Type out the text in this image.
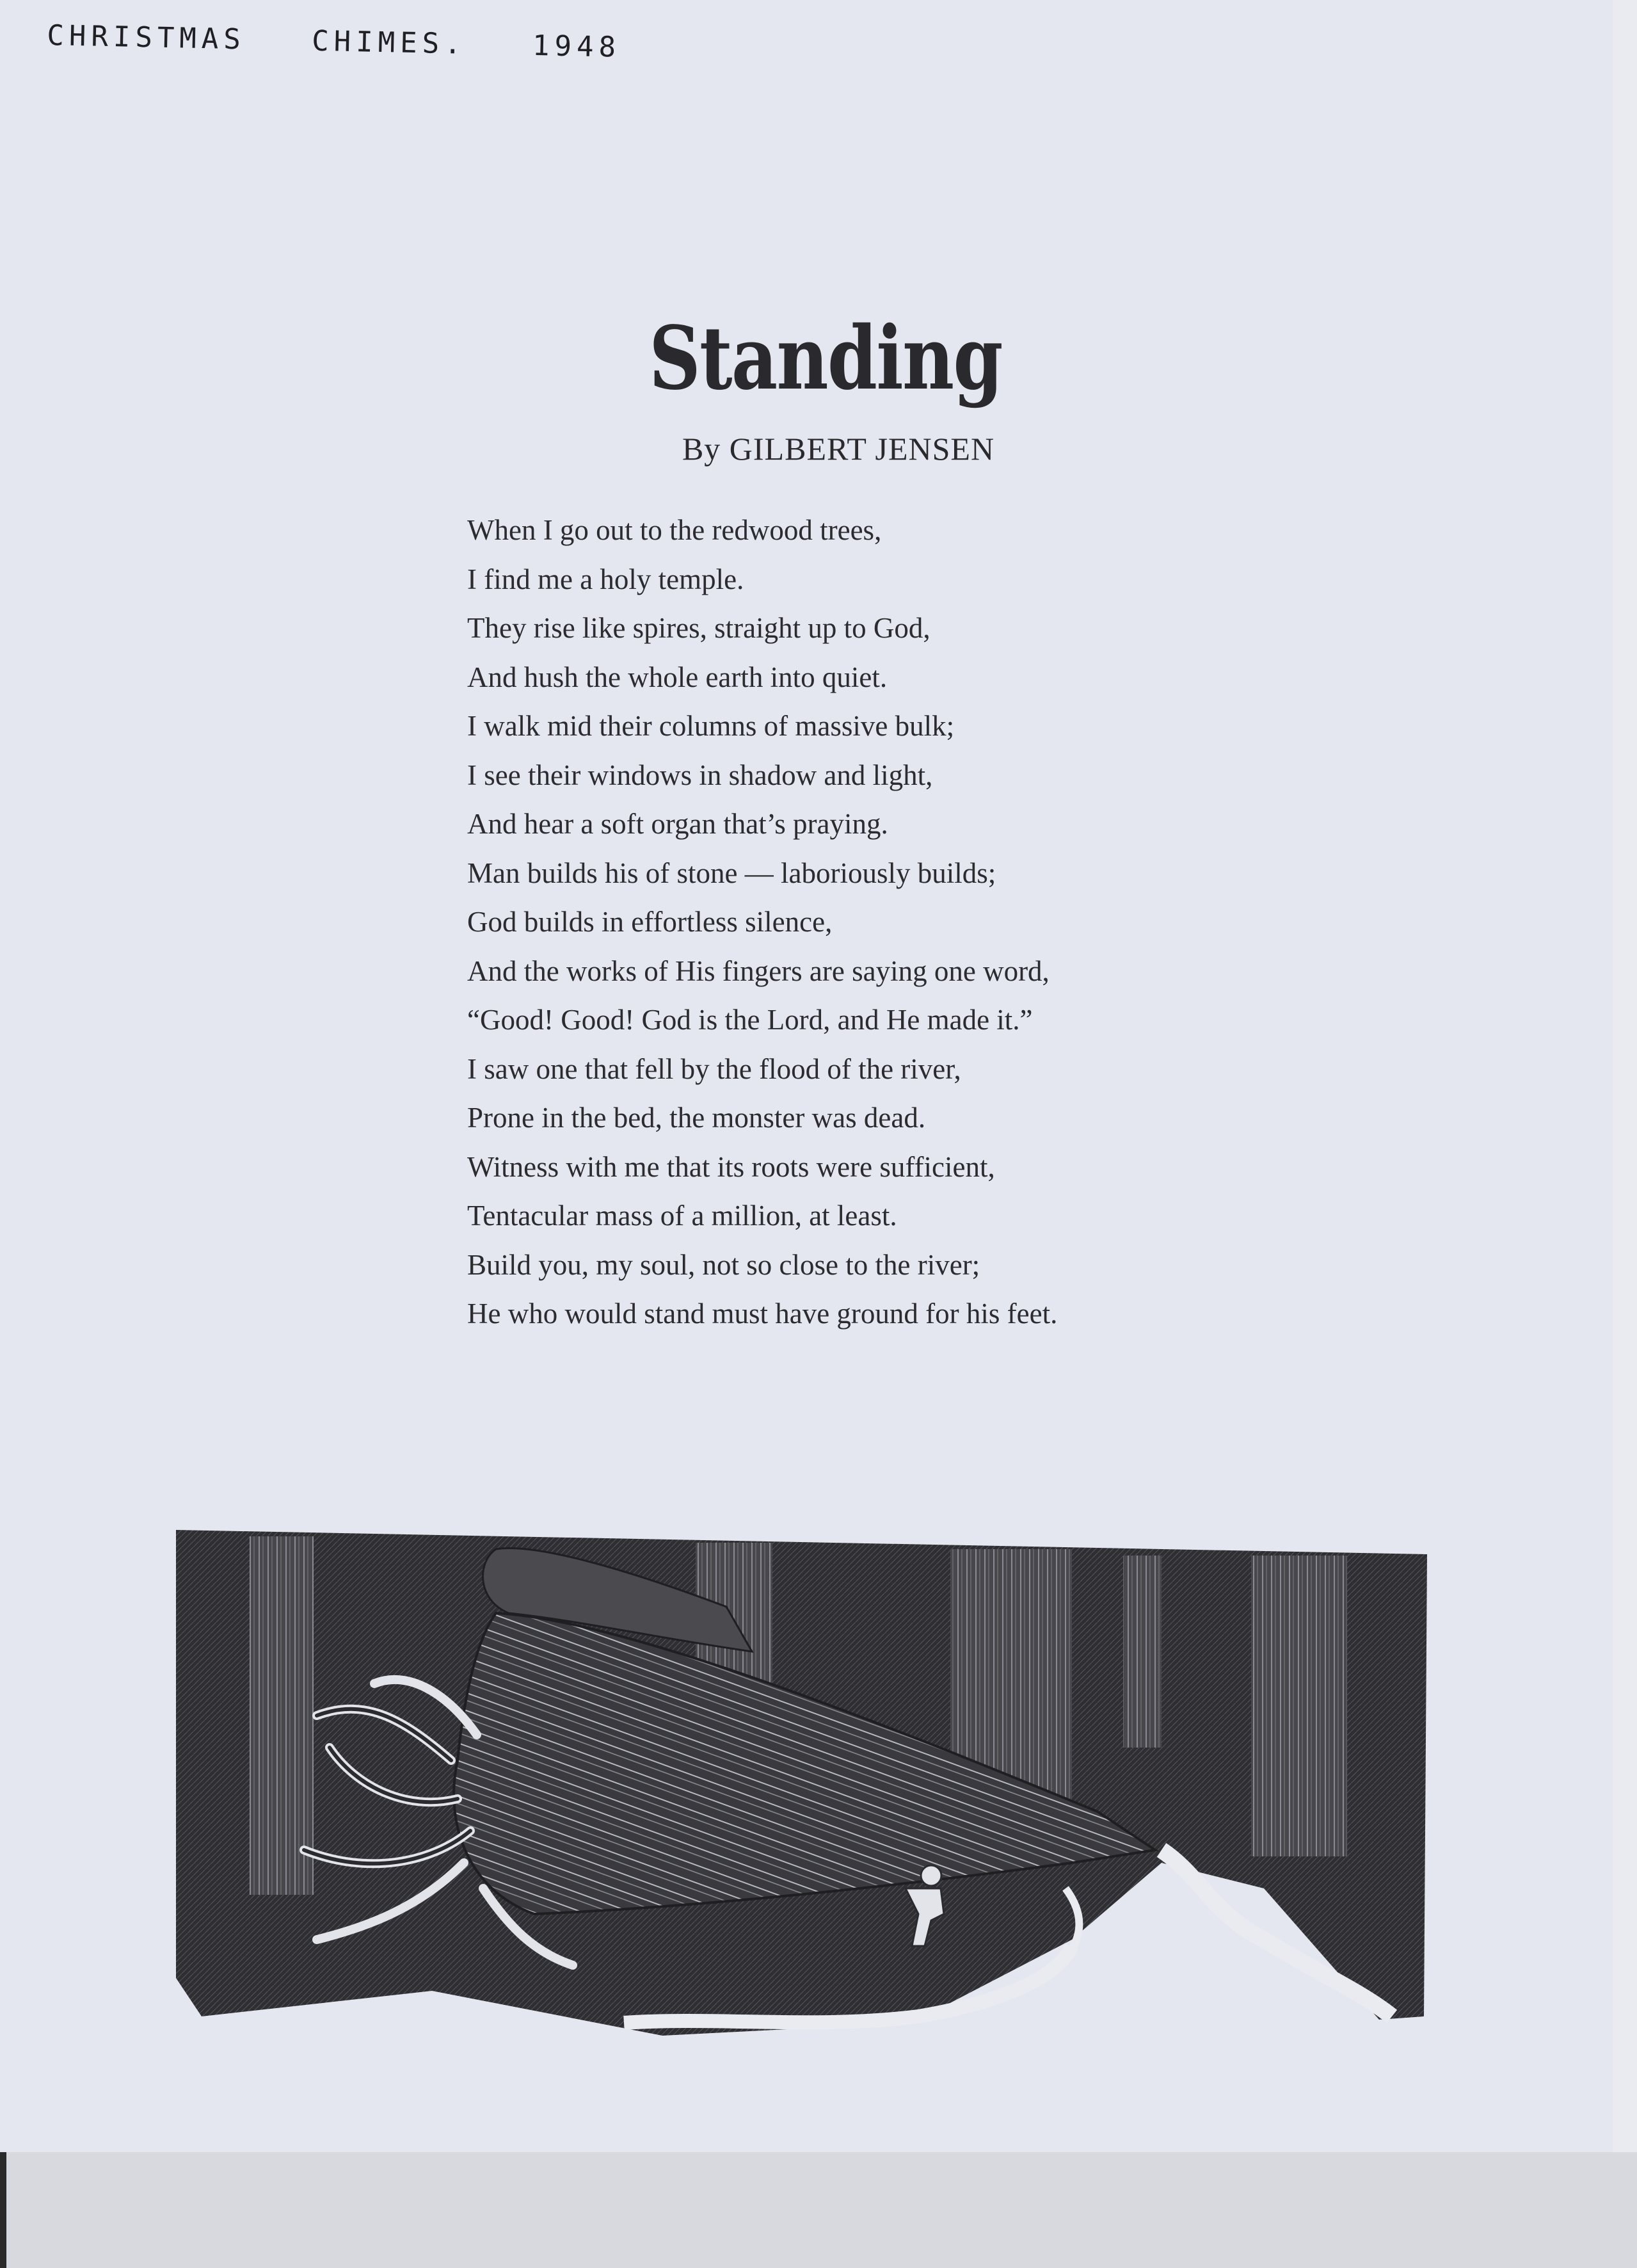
CHRISTMAS   CHIMES.   1948

Standing

By GILBERT JENSEN

When I go out to the redwood trees,
I find me a holy temple.
They rise like spires, straight up to God,
And hush the whole earth into quiet.
I walk mid their columns of massive bulk;
I see their windows in shadow and light,
And hear a soft organ that’s praying.
Man builds his of stone — laboriously builds;
God builds in effortless silence,
And the works of His fingers are saying one word,
“Good! Good! God is the Lord, and He made it.”
I saw one that fell by the flood of the river,
Prone in the bed, the monster was dead.
Witness with me that its roots were sufficient,
Tentacular mass of a million, at least.
Build you, my soul, not so close to the river;
He who would stand must have ground for his feet.
